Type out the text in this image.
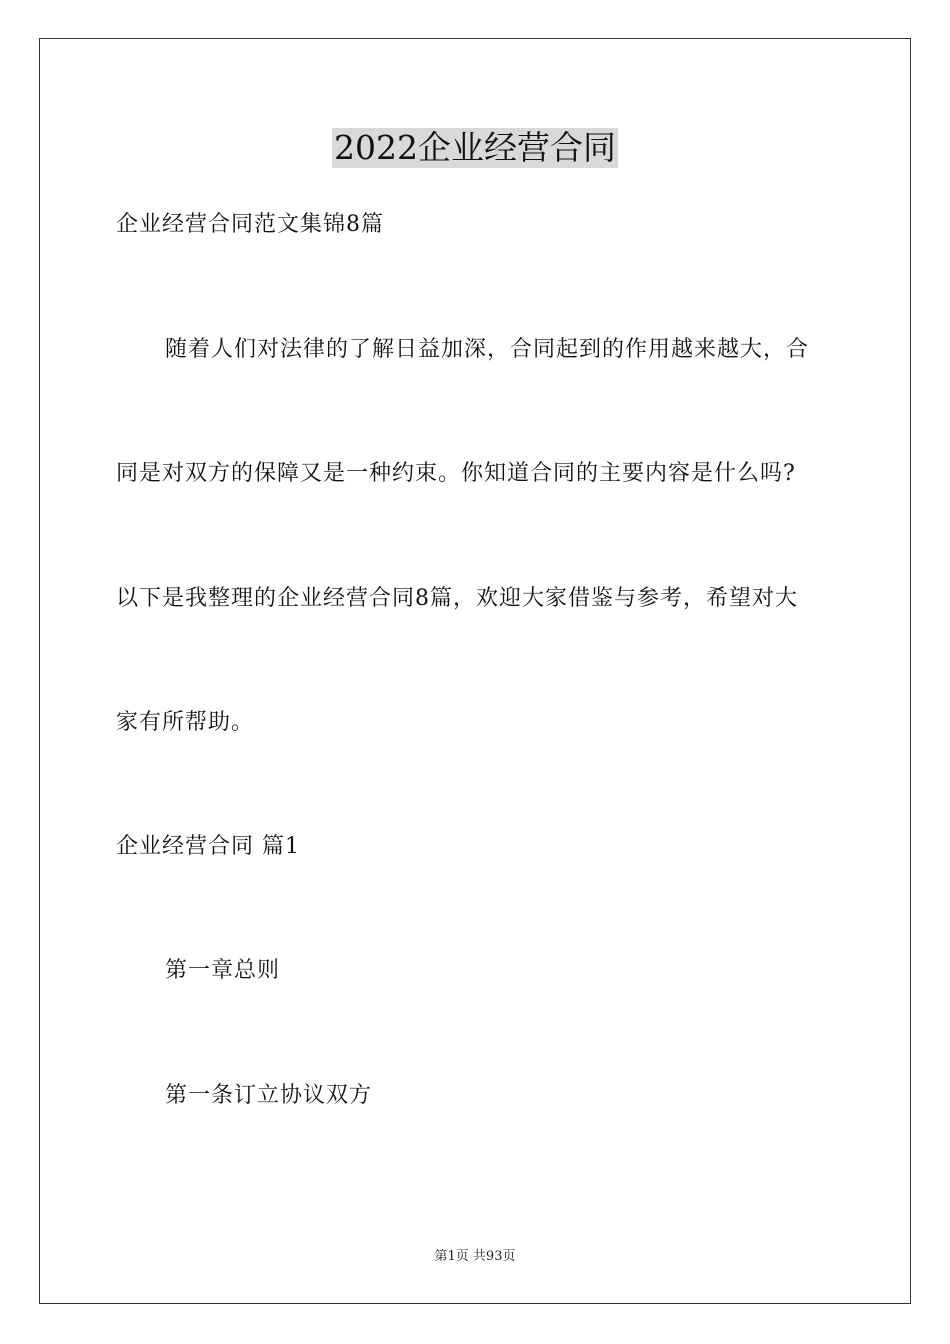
2022企业经营合同
企业经营合同范文集锦8篇
随着人们对法律的了解日益加深，合同起到的作用越来越大，合
同是对双方的保障又是一种约束。你知道合同的主要内容是什么吗?
以下是我整理的企业经营合同8篇，欢迎大家借鉴与参考，希望对大
家有所帮助。
企业经营合同 篇1
第一章总则
第一条订立协议双方
第1页 共93页
